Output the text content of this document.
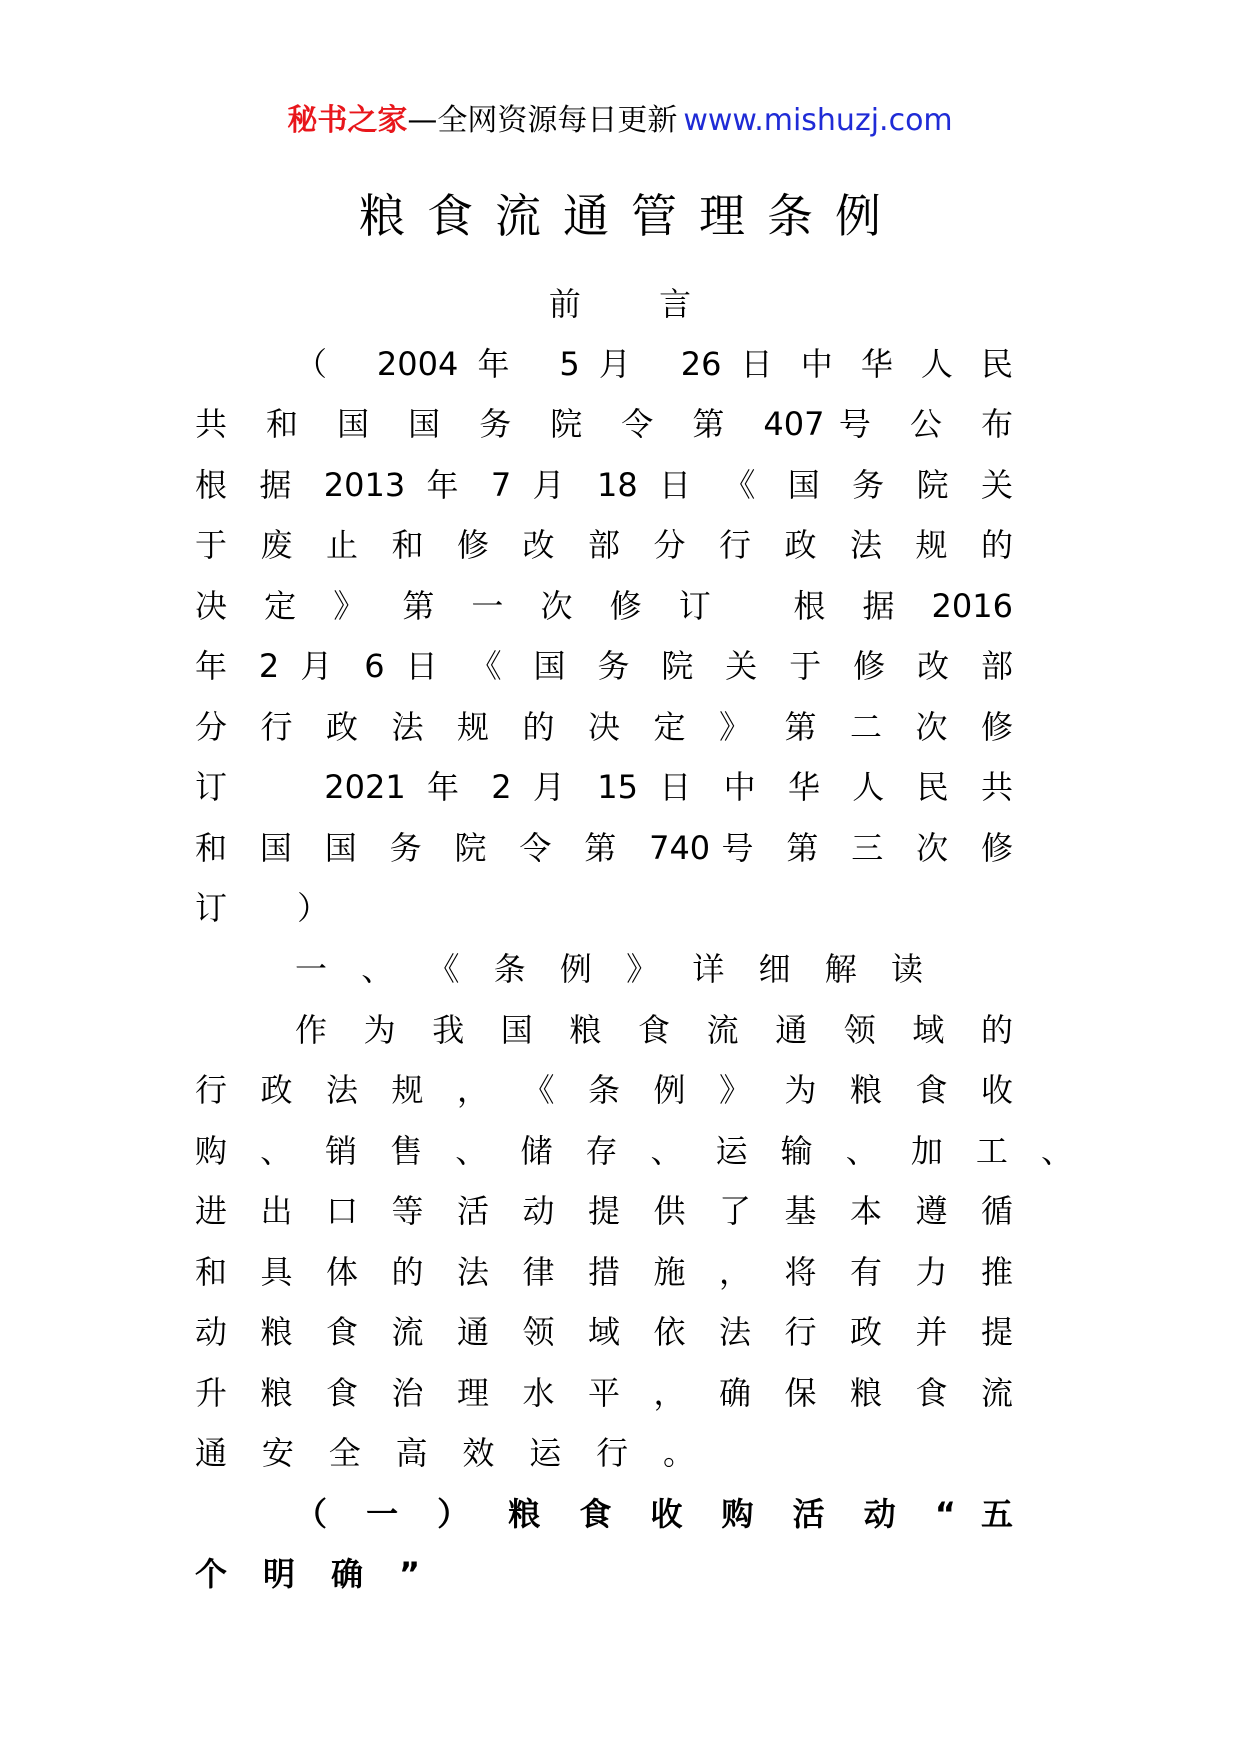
秘书之家—全网资源每日更新 www.mishuzj.com
粮食流通管理条例
前 言
（　2004 年　5 月　26 日 中 华 人 民
共 和 国 国 务 院 令 第 407号 公 布
根 据 2013 年 7 月 18 日 《 国 务 院 关
于 废 止 和 修 改 部 分 行 政 法 规 的
决 定 》 第 一 次 修 订　 根 据 2016
年 2 月 6 日 《 国 务 院 关 于 修 改 部
分 行 政 法 规 的 决 定 》 第 二 次 修
订　　2021 年 2 月 15 日 中 华 人 民 共
和 国 国 务 院 令 第 740号 第 三 次 修
订 ）
一 、 《 条 例 》 详 细 解 读
作 为 我 国 粮 食 流 通 领 域 的
行 政 法 规 ， 《 条 例 》 为 粮 食 收
购 、 销 售 、 储 存 、 运 输 、 加 工 、
进 出 口 等 活 动 提 供 了 基 本 遵 循
和 具 体 的 法 律 措 施 ， 将 有 力 推
动 粮 食 流 通 领 域 依 法 行 政 并 提
升 粮 食 治 理 水 平 ， 确 保 粮 食 流
通 安 全 高 效 运 行 。
（ 一 ） 粮 食 收 购 活 动 “ 五
个 明 确 ”
